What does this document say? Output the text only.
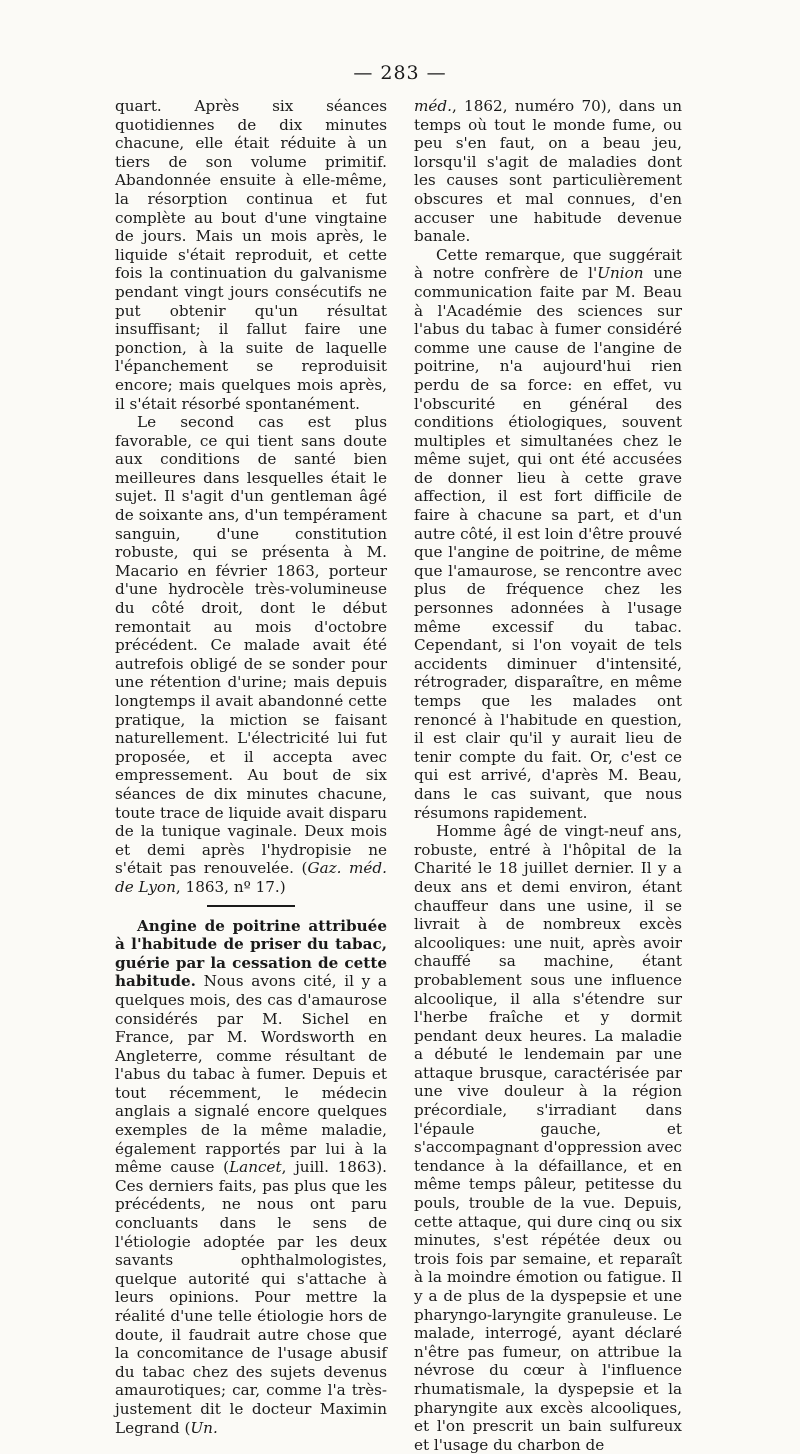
— 283 —

quart. Après six séances quotidiennes de dix minutes chacune, elle était réduite à un tiers de son volume primitif. Abandonnée ensuite à elle-même, la résorption continua et fut complète au bout d'une vingtaine de jours. Mais un mois après, le liquide s'était reproduit, et cette fois la continuation du galvanisme pendant vingt jours consécutifs ne put obtenir qu'un résultat insuffisant; il fallut faire une ponction, à la suite de laquelle l'épanchement se reproduisit encore; mais quelques mois après, il s'était résorbé spontanément.

Le second cas est plus favorable, ce qui tient sans doute aux conditions de santé bien meilleures dans lesquelles était le sujet. Il s'agit d'un gentleman âgé de soixante ans, d'un tempérament sanguin, d'une constitution robuste, qui se présenta à M. Macario en février 1863, porteur d'une hydrocèle très-volumineuse du côté droit, dont le début remontait au mois d'octobre précédent. Ce malade avait été autrefois obligé de se sonder pour une rétention d'urine; mais depuis longtemps il avait abandonné cette pratique, la miction se faisant naturellement. L'électricité lui fut proposée, et il accepta avec empressement. Au bout de six séances de dix minutes chacune, toute trace de liquide avait disparu de la tunique vaginale. Deux mois et demi après l'hydropisie ne s'était pas renouvelée. (Gaz. méd. de Lyon, 1863, nº 17.)

Angine de poitrine attribuée à l'habitude de priser du tabac, guérie par la cessation de cette habitude. Nous avons cité, il y a quelques mois, des cas d'amaurose considérés par M. Sichel en France, par M. Wordsworth en Angleterre, comme résultant de l'abus du tabac à fumer. Depuis et tout récemment, le médecin anglais a signalé encore quelques exemples de la même maladie, également rapportés par lui à la même cause (Lancet, juill. 1863). Ces derniers faits, pas plus que les précédents, ne nous ont paru concluants dans le sens de l'étiologie adoptée par les deux savants ophthalmologistes, quelque autorité qui s'attache à leurs opinions. Pour mettre la réalité d'une telle étiologie hors de doute, il faudrait autre chose que la concomitance de l'usage abusif du tabac chez des sujets devenus amaurotiques; car, comme l'a très-justement dit le docteur Maximin Legrand (Un.

méd., 1862, numéro 70), dans un temps où tout le monde fume, ou peu s'en faut, on a beau jeu, lorsqu'il s'agit de maladies dont les causes sont particulièrement obscures et mal connues, d'en accuser une habitude devenue banale.

Cette remarque, que suggérait à notre confrère de l'Union une communication faite par M. Beau à l'Académie des sciences sur l'abus du tabac à fumer considéré comme une cause de l'angine de poitrine, n'a aujourd'hui rien perdu de sa force: en effet, vu l'obscurité en général des conditions étiologiques, souvent multiples et simultanées chez le même sujet, qui ont été accusées de donner lieu à cette grave affection, il est fort difficile de faire à chacune sa part, et d'un autre côté, il est loin d'être prouvé que l'angine de poitrine, de même que l'amaurose, se rencontre avec plus de fréquence chez les personnes adonnées à l'usage même excessif du tabac. Cependant, si l'on voyait de tels accidents diminuer d'intensité, rétrograder, disparaître, en même temps que les malades ont renoncé à l'habitude en question, il est clair qu'il y aurait lieu de tenir compte du fait. Or, c'est ce qui est arrivé, d'après M. Beau, dans le cas suivant, que nous résumons rapidement.

Homme âgé de vingt-neuf ans, robuste, entré à l'hôpital de la Charité le 18 juillet dernier. Il y a deux ans et demi environ, étant chauffeur dans une usine, il se livrait à de nombreux excès alcooliques: une nuit, après avoir chauffé sa machine, étant probablement sous une influence alcoolique, il alla s'étendre sur l'herbe fraîche et y dormit pendant deux heures. La maladie a débuté le lendemain par une attaque brusque, caractérisée par une vive douleur à la région précordiale, s'irradiant dans l'épaule gauche, et s'accompagnant d'oppression avec tendance à la défaillance, et en même temps pâleur, petitesse du pouls, trouble de la vue. Depuis, cette attaque, qui dure cinq ou six minutes, s'est répétée deux ou trois fois par semaine, et reparaît à la moindre émotion ou fatigue. Il y a de plus de la dyspepsie et une pharyngo-laryngite granuleuse. Le malade, interrogé, ayant déclaré n'être pas fumeur, on attribue la névrose du cœur à l'influence rhumatismale, la dyspepsie et la pharyngite aux excès alcooliques, et l'on prescrit un bain sulfureux et l'usage du charbon de
